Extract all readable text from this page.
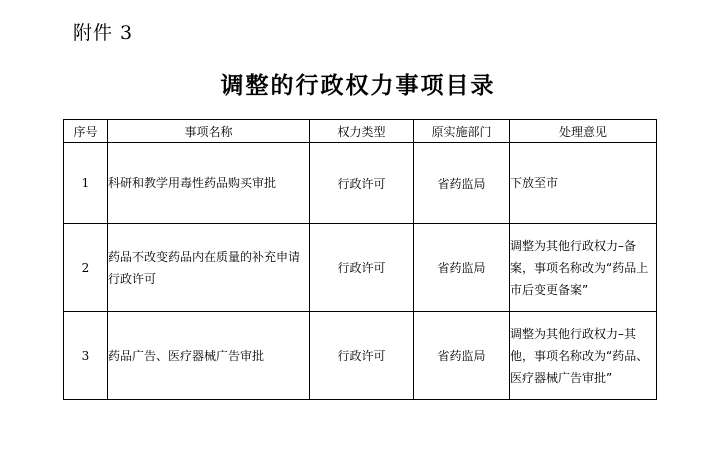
附件 3
调整的行政权力事项目录
序号	事项名称	权力类型	原实施部门	处理意见
1	科研和教学用毒性药品购买审批	行政许可	省药监局	下放至市
2	药品不改变药品内在质量的补充申请行政许可	行政许可	省药监局	调整为其他行政权力–备案，事项名称改为“药品上市后变更备案”
3	药品广告、医疗器械广告审批	行政许可	省药监局	调整为其他行政权力–其他，事项名称改为“药品、医疗器械广告审批”
